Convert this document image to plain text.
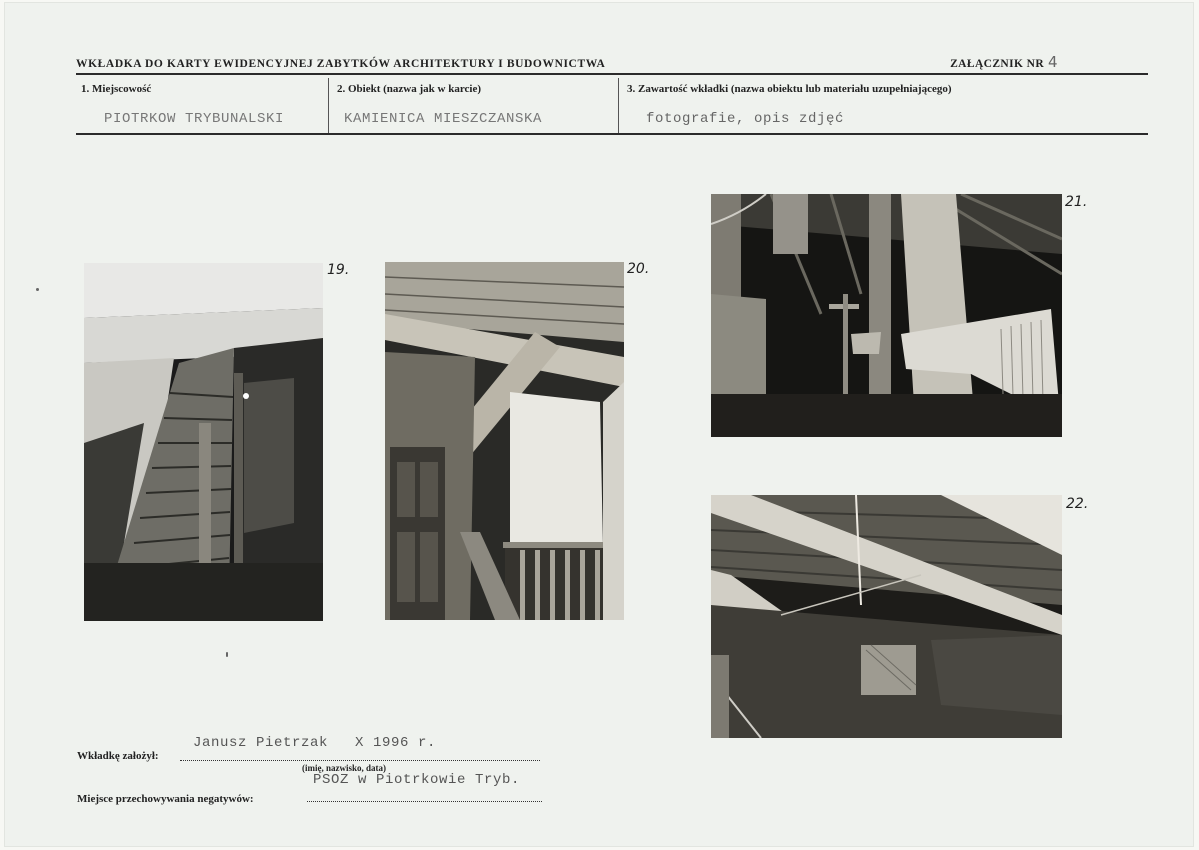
WKŁADKA DO KARTY EWIDENCYJNEJ ZABYTKÓW ARCHITEKTURY I BUDOWNICTWA	ZAŁĄCZNIK NR 4
1. Miejscowość
PIOTRKOW TRYBUNALSKI
2. Obiekt (nazwa jak w karcie)
KAMIENICA MIESZCZANSKA
3. Zawartość wkładki (nazwa obiektu lub materiału uzupełniającego)
fotografie, opis zdjęć
19.	20.
21.
22.
Wkładkę założył:
Janusz Pietrzak   X 1996 r.
(imię, nazwisko, data)
Miejsce przechowywania negatywów:
PSOZ w Piotrkowie Tryb.
